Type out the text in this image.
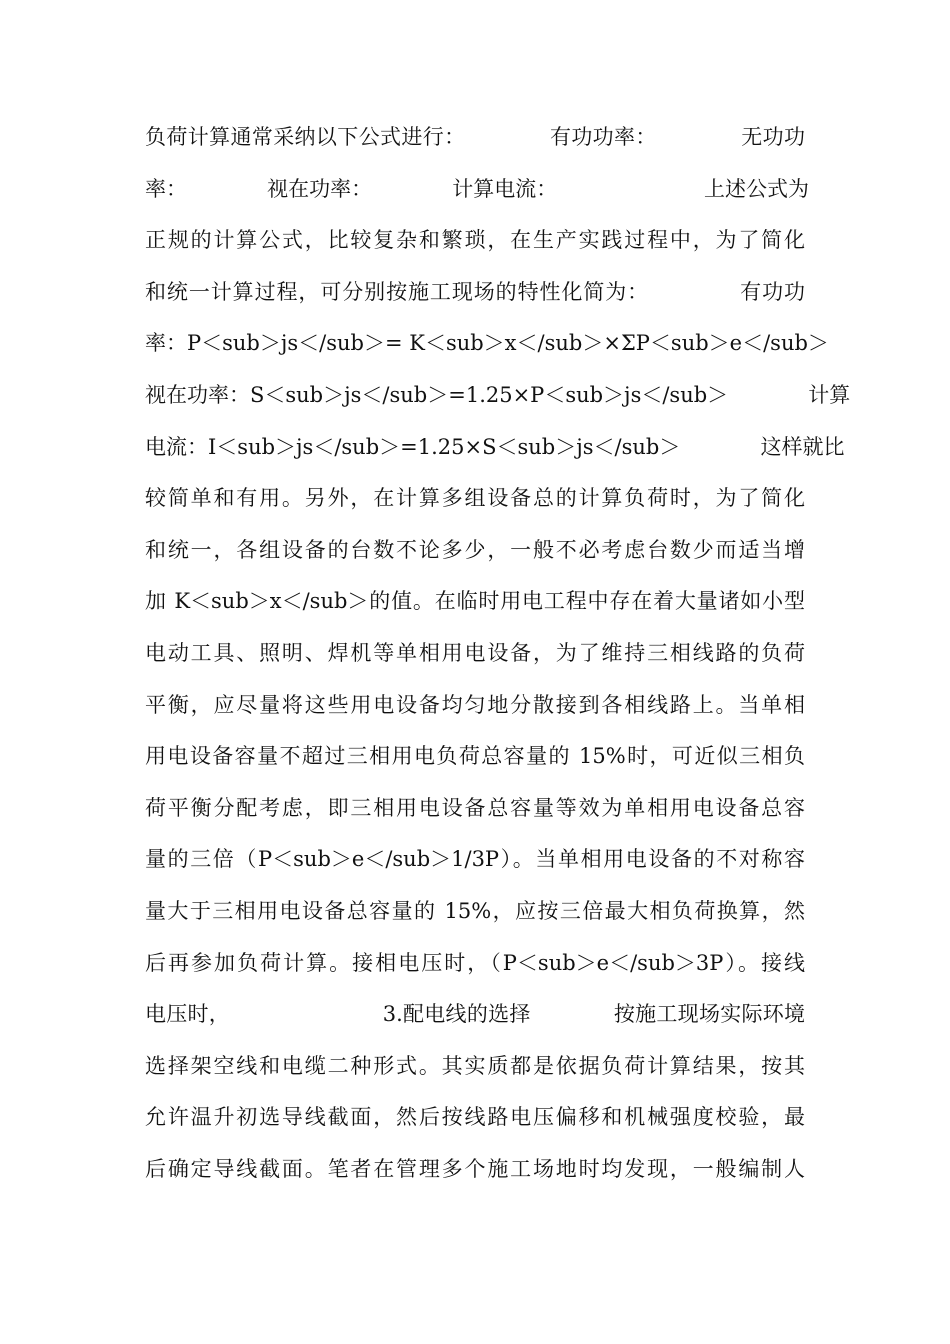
负荷计算通常采纳以下公式进行：            有功功率：            无功功
率：            视在功率：            计算电流：                      上述公式为
正规的计算公式，比较复杂和繁琐，在生产实践过程中，为了简化
和统一计算过程，可分别按施工现场的特性化简为：            有功功
率：P＜sub＞js＜/sub＞= K＜sub＞x＜/sub＞×ΣP＜sub＞e＜/sub＞
视在功率：S＜sub＞js＜/sub＞=1.25×P＜sub＞js＜/sub＞            计算
电流：I＜sub＞js＜/sub＞=1.25×S＜sub＞js＜/sub＞            这样就比
较简单和有用。另外，在计算多组设备总的计算负荷时，为了简化
和统一，各组设备的台数不论多少，一般不必考虑台数少而适当增
加 K＜sub＞x＜/sub＞的值。在临时用电工程中存在着大量诸如小型
电动工具、照明、焊机等单相用电设备，为了维持三相线路的负荷
平衡，应尽量将这些用电设备均匀地分散接到各相线路上。当单相
用电设备容量不超过三相用电负荷总容量的 15%时，可近似三相负
荷平衡分配考虑，即三相用电设备总容量等效为单相用电设备总容
量的三倍（P＜sub＞e＜/sub＞1/3P）。当单相用电设备的不对称容
量大于三相用电设备总容量的 15%，应按三倍最大相负荷换算，然
后再参加负荷计算。接相电压时，（P＜sub＞e＜/sub＞3P）。接线
电压时，                      3.配电线的选择            按施工现场实际环境
选择架空线和电缆二种形式。其实质都是依据负荷计算结果，按其
允许温升初选导线截面，然后按线路电压偏移和机械强度校验，最
后确定导线截面。笔者在管理多个施工场地时均发现，一般编制人
